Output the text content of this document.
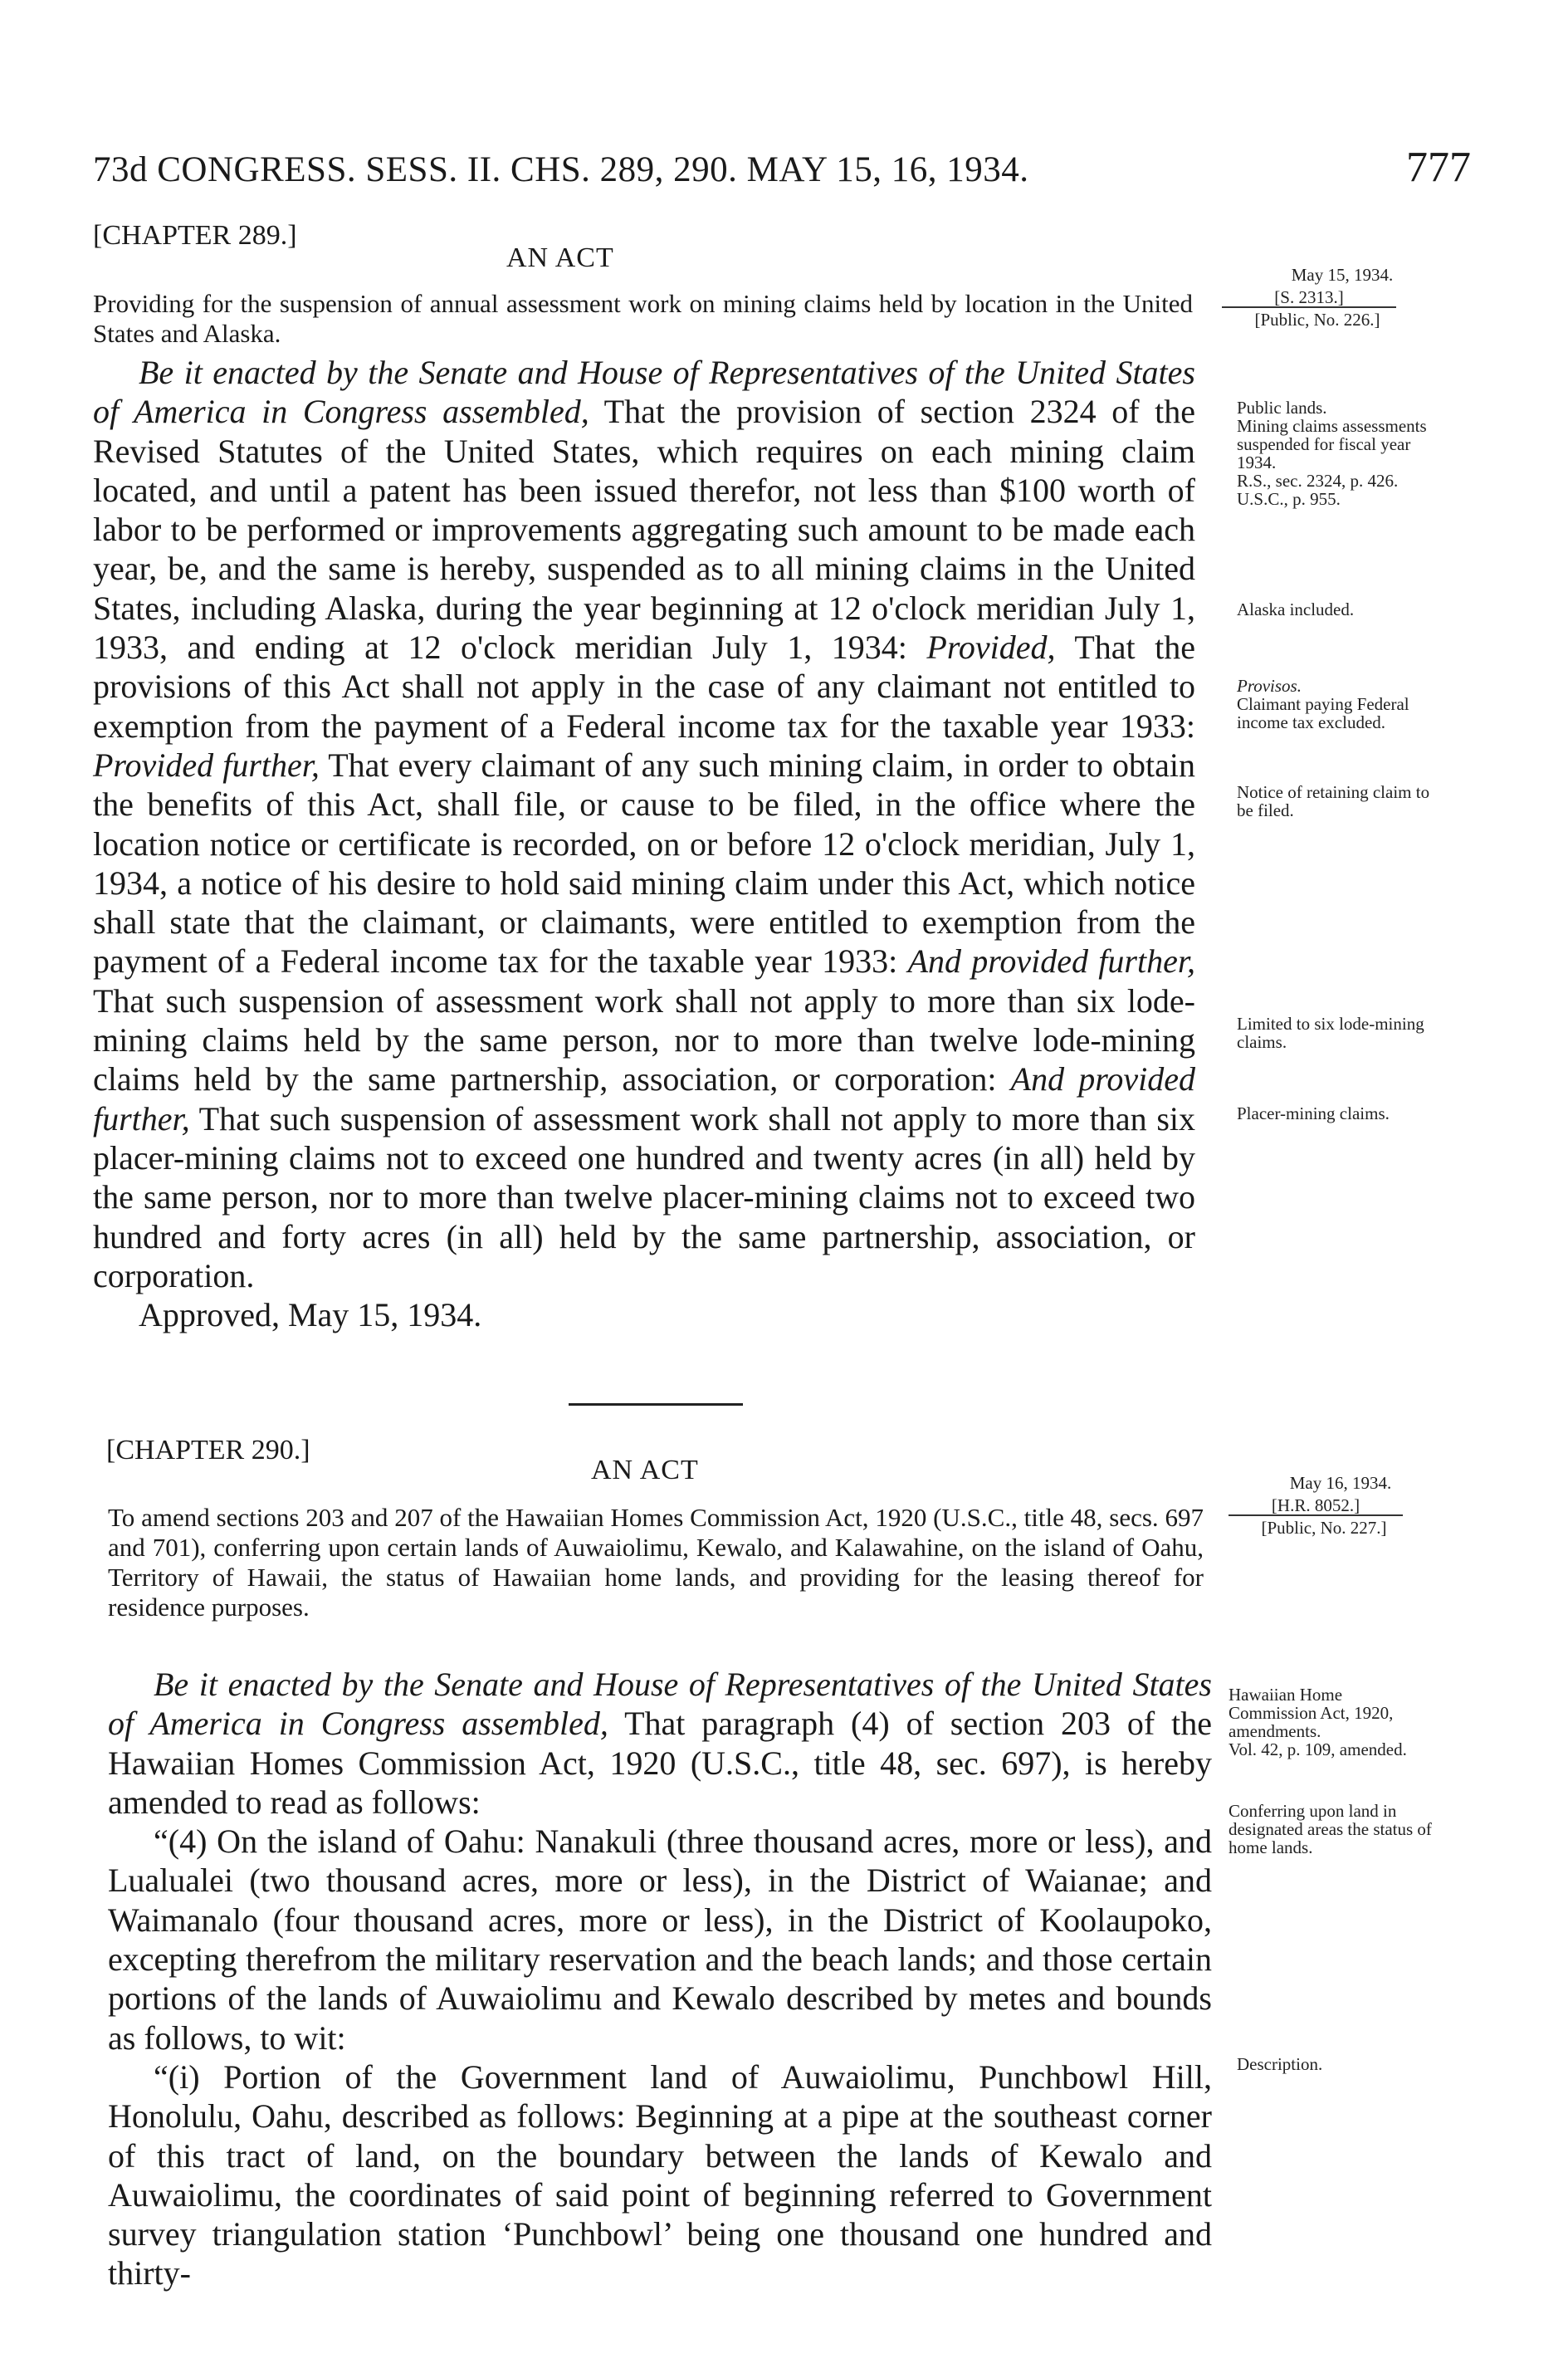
73d CONGRESS. SESS. II. CHS. 289, 290. MAY 15, 16, 1934.	777
[CHAPTER 289.]
AN ACT
Providing for the suspension of annual assessment work on mining claims held by location in the United States and Alaska.
May 15, 1934.
[S. 2313.]
[Public, No. 226.]

Be it enacted by the Senate and House of Representatives of the United States of America in Congress assembled, That the provision of section 2324 of the Revised Statutes of the United States, which requires on each mining claim located, and until a patent has been issued therefor, not less than $100 worth of labor to be performed or improvements aggregating such amount to be made each year, be, and the same is hereby, suspended as to all mining claims in the United States, including Alaska, during the year beginning at 12 o'clock meridian July 1, 1933, and ending at 12 o'clock meridian July 1, 1934: Provided, That the provisions of this Act shall not apply in the case of any claimant not entitled to exemption from the payment of a Federal income tax for the taxable year 1933: Provided further, That every claimant of any such mining claim, in order to obtain the benefits of this Act, shall file, or cause to be filed, in the office where the location notice or certificate is recorded, on or before 12 o'clock meridian, July 1, 1934, a notice of his desire to hold said mining claim under this Act, which notice shall state that the claimant, or claimants, were entitled to exemption from the payment of a Federal income tax for the taxable year 1933: And provided further, That such suspension of assessment work shall not apply to more than six lode-mining claims held by the same person, nor to more than twelve lode-mining claims held by the same partnership, association, or corporation: And provided further, That such suspension of assessment work shall not apply to more than six placer-mining claims not to exceed one hundred and twenty acres (in all) held by the same person, nor to more than twelve placer-mining claims not to exceed two hundred and forty acres (in all) held by the same partnership, association, or corporation.

Approved, May 15, 1934.

Public lands.
Mining claims assessments suspended for fiscal year 1934.
R.S., sec. 2324, p. 426.
U.S.C., p. 955.
Alaska included.
Provisos.
Claimant paying Federal income tax excluded.
Notice of retaining claim to be filed.
Limited to six lode-mining claims.
Placer-mining claims.
[CHAPTER 290.]
AN ACT
To amend sections 203 and 207 of the Hawaiian Homes Commission Act, 1920 (U.S.C., title 48, secs. 697 and 701), conferring upon certain lands of Auwaiolimu, Kewalo, and Kalawahine, on the island of Oahu, Territory of Hawaii, the status of Hawaiian home lands, and providing for the leasing thereof for residence purposes.
May 16, 1934.
[H.R. 8052.]
[Public, No. 227.]

Be it enacted by the Senate and House of Representatives of the United States of America in Congress assembled, That paragraph (4) of section 203 of the Hawaiian Homes Commission Act, 1920 (U.S.C., title 48, sec. 697), is hereby amended to read as follows:

“(4) On the island of Oahu: Nanakuli (three thousand acres, more or less), and Lualualei (two thousand acres, more or less), in the District of Waianae; and Waimanalo (four thousand acres, more or less), in the District of Koolaupoko, excepting therefrom the military reservation and the beach lands; and those certain portions of the lands of Auwaiolimu and Kewalo described by metes and bounds as follows, to wit:

“(i) Portion of the Government land of Auwaiolimu, Punchbowl Hill, Honolulu, Oahu, described as follows: Beginning at a pipe at the southeast corner of this tract of land, on the boundary between the lands of Kewalo and Auwaiolimu, the coordinates of said point of beginning referred to Government survey triangulation station ‘Punchbowl’ being one thousand one hundred and thirty-

Hawaiian Home Commission Act, 1920, amendments.
Vol. 42, p. 109, amended.
Conferring upon land in designated areas the status of home lands.
Description.
